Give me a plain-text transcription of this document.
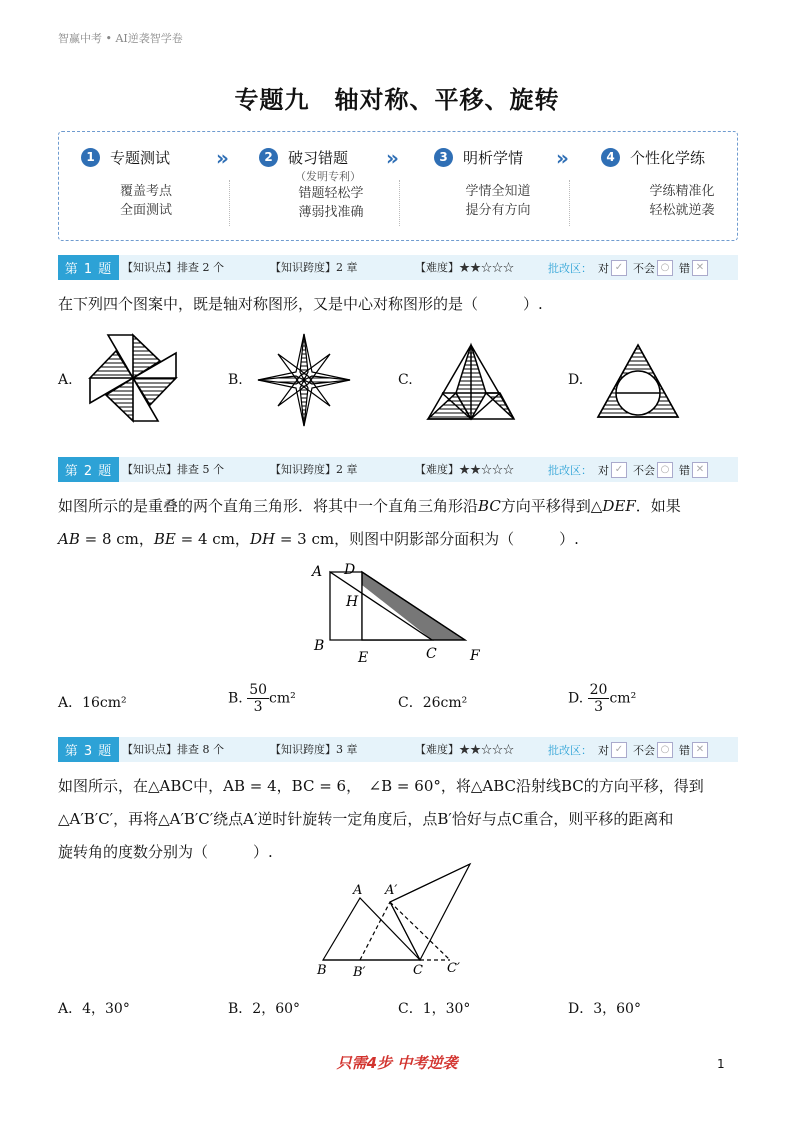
智赢中考 • AI逆袭智学卷
专题九　轴对称、平移、旋转
1	专题测试
覆盖考点
全面测试
»	2	破习错题
（发明专利）
错题轻松学
薄弱找准确
»	3	明析学情
学情全知道
提分有方向
»	4	个性化学练
学练精准化
轻松就逆袭
第 1 题 【知识点】排查 2 个	【知识跨度】2 章	【难度】★★☆☆☆	批改区： 对 ✓ 不会 ○ 错 ✕
在下列四个图案中，既是轴对称图形，又是中心对称图形的是（　　　）.
A.	B.	C.	D.
第 2 题 【知识点】排查 5 个	【知识跨度】2 章	【难度】★★☆☆☆	批改区： 对 ✓ 不会 ○ 错 ✕
如图所示的是重叠的两个直角三角形．将其中一个直角三角形沿BC方向平移得到△DEF．如果
AB = 8 cm，BE = 4 cm，DH = 3 cm，则图中阴影部分面积为（　　　）.
A D
H
B
E	C F
A．16cm²	B. $\frac{50}{3} cm^2$	C．26cm²	D. $\frac{20}{3} cm^2$
第 3 题 【知识点】排查 8 个	【知识跨度】3 章	【难度】★★☆☆☆	批改区： 对 ✓ 不会 ○ 错 ✕
如图所示，在△ABC中，AB = 4，BC = 6，　∠B = 60°，将△ABC沿射线BC的方向平移，得到
△A′B′C′，再将△A′B′C′绕点A′逆时针旋转一定角度后，点B′恰好与点C重合，则平移的距离和
旋转角的度数分别为（　　　）.
A A′
B B′	C C′
A．4，30°	B．2，60°	C．1，30°	D．3，60°
只需4步 中考逆袭	1
